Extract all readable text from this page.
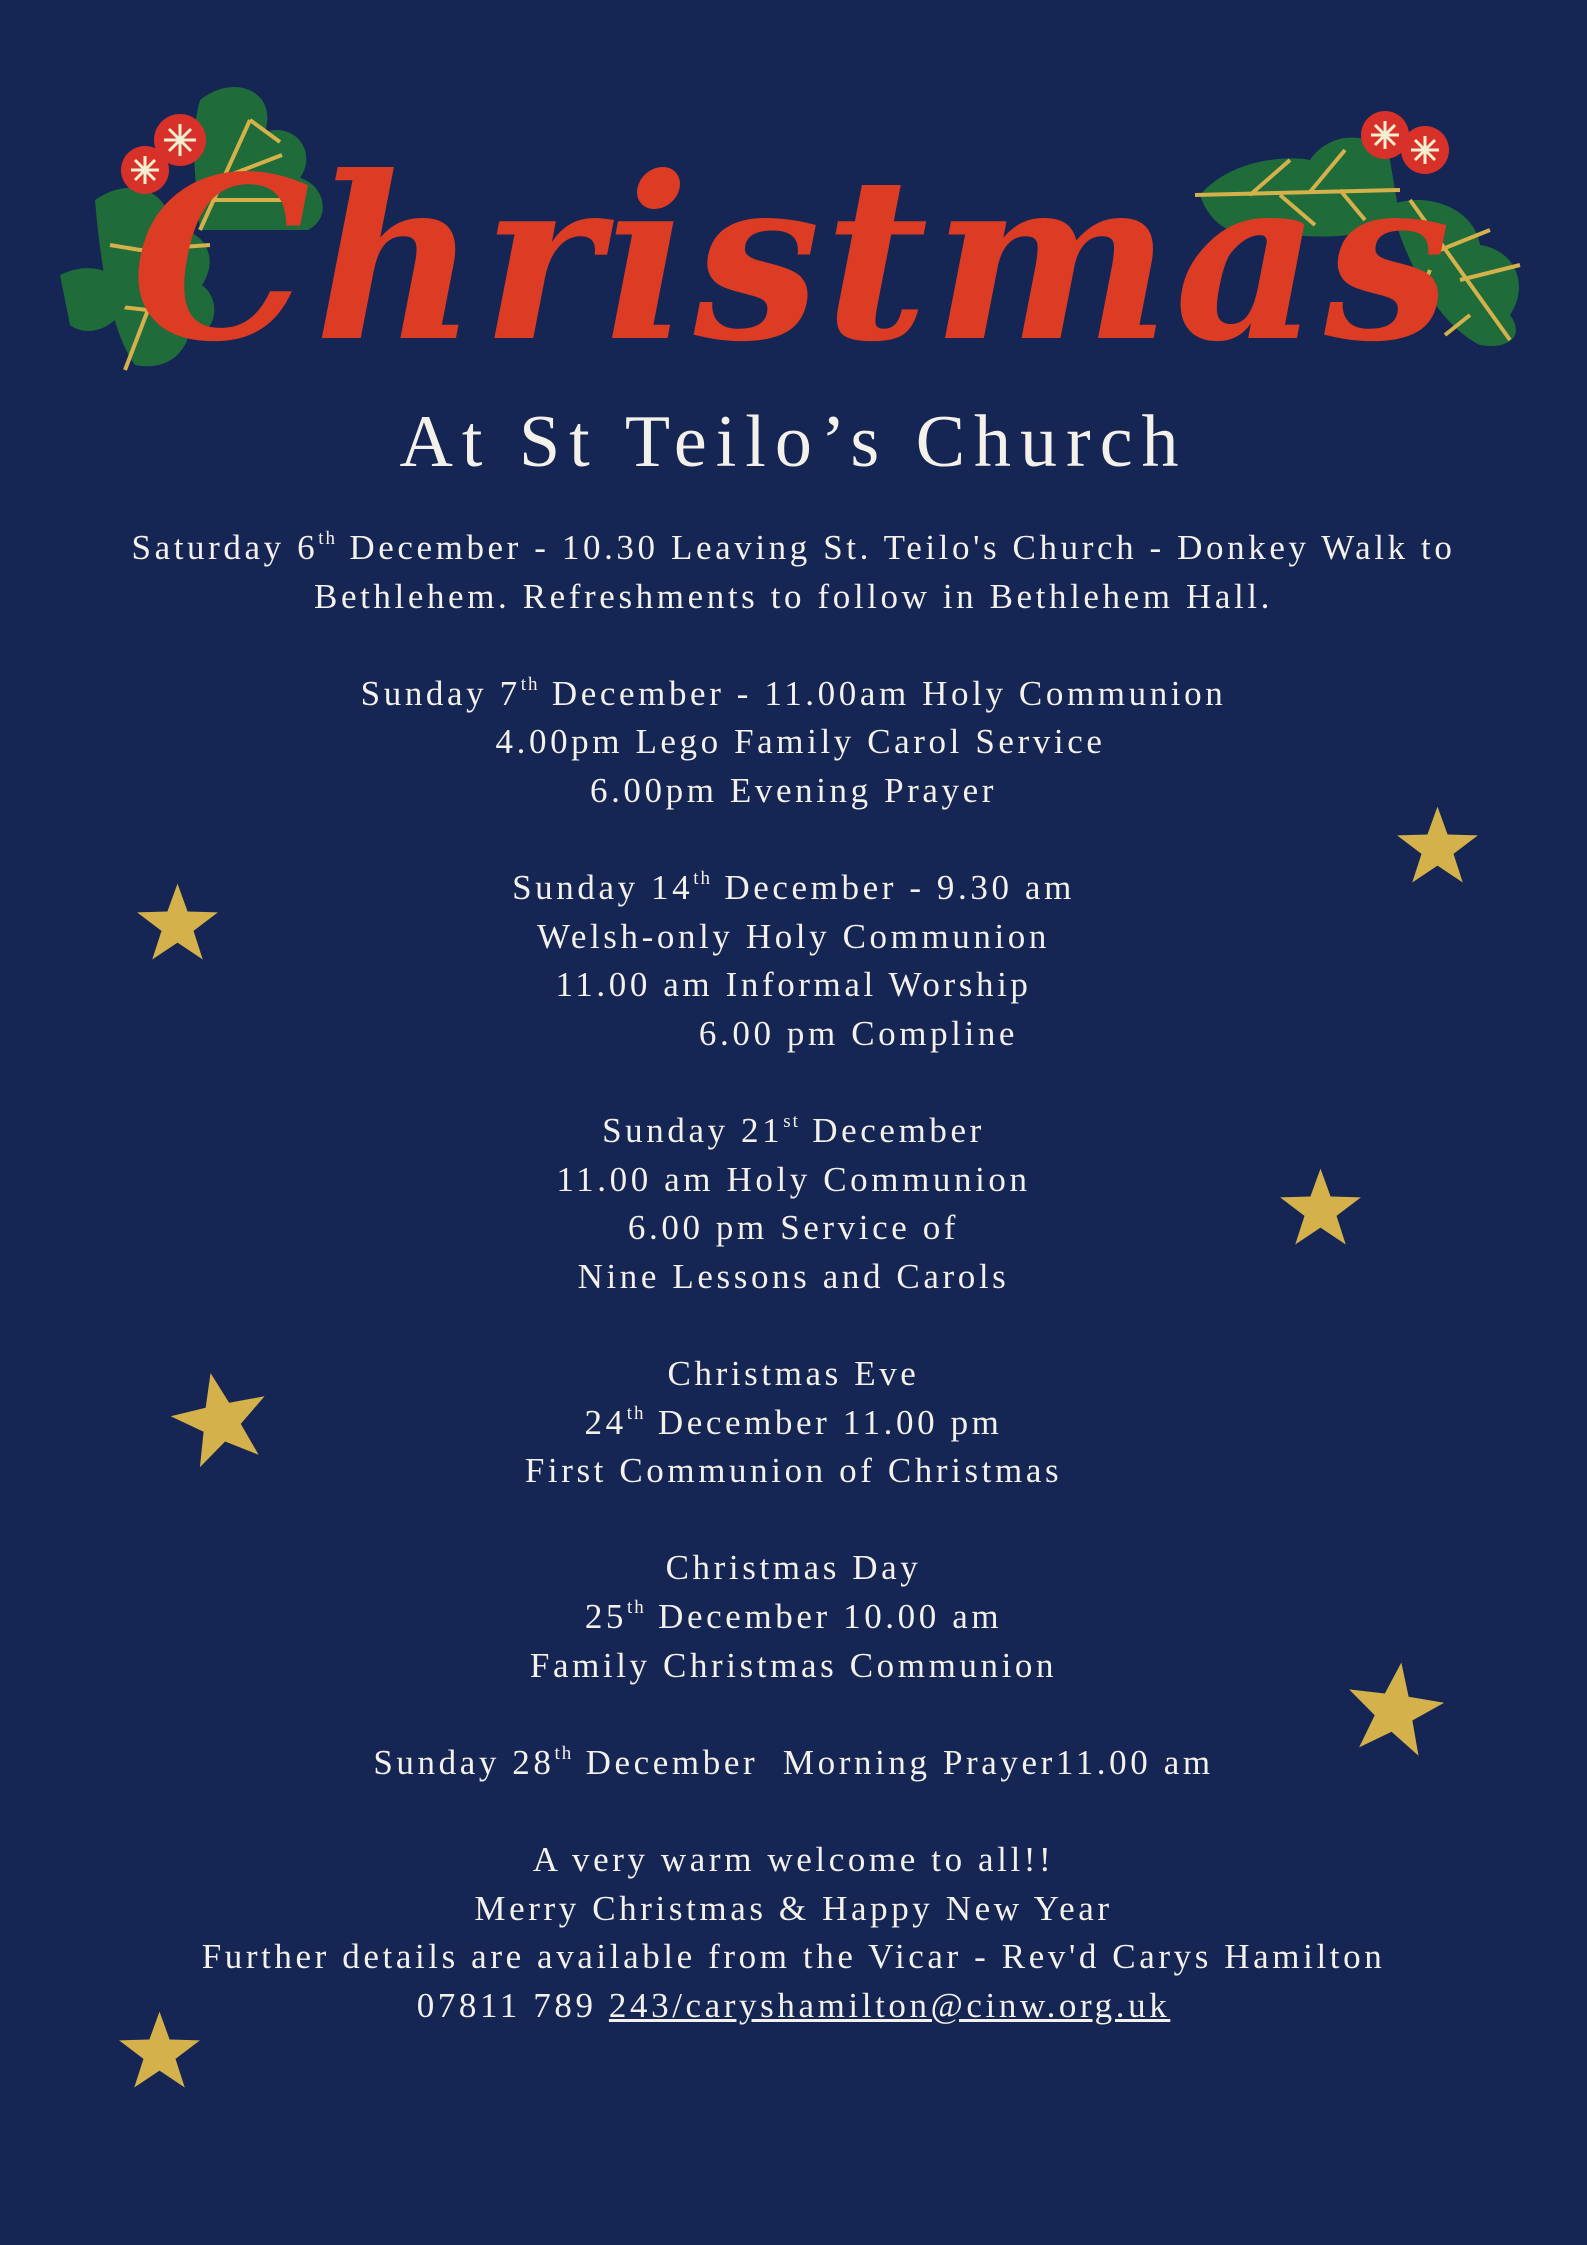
Christmas
At St Teilo’s Church
Saturday 6th December - 10.30 Leaving St. Teilo's Church - Donkey Walk to
Bethlehem. Refreshments to follow in Bethlehem Hall.
Sunday 7th December - 11.00am Holy Communion
4.00pm Lego Family Carol Service
6.00pm Evening Prayer
Sunday 14th December - 9.30 am
Welsh-only Holy Communion
11.00 am Informal Worship
6.00 pm Compline
Sunday 21st December
11.00 am Holy Communion
6.00 pm Service of
Nine Lessons and Carols
Christmas Eve
24th December 11.00 pm
First Communion of Christmas
Christmas Day
25th December 10.00 am
Family Christmas Communion
Sunday 28th December  Morning Prayer11.00 am
A very warm welcome to all!!
Merry Christmas & Happy New Year
Further details are available from the Vicar - Rev'd Carys Hamilton
07811 789 243/caryshamilton@cinw.org.uk
